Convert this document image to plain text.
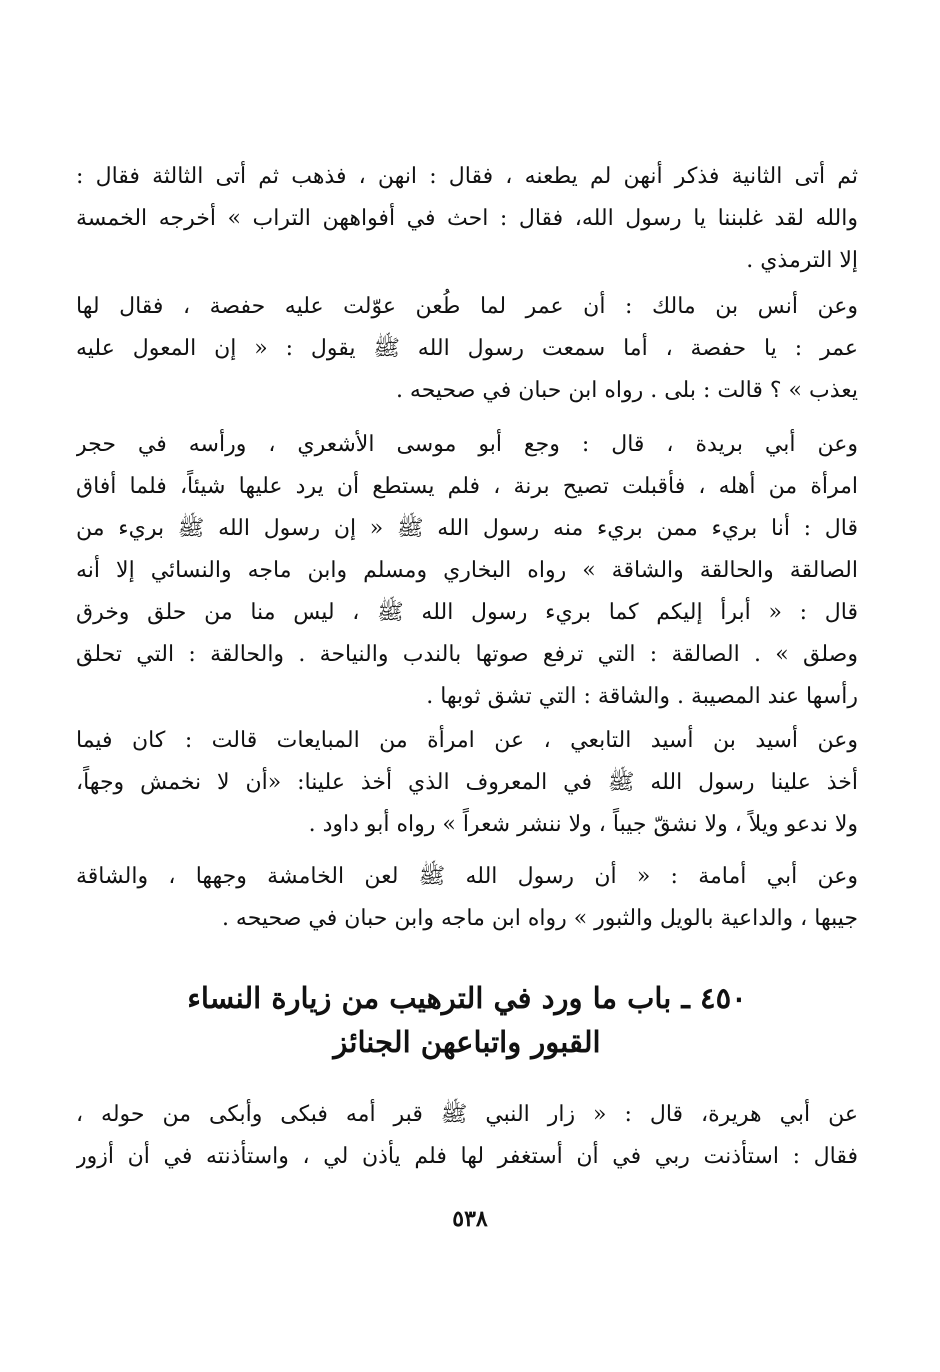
ثم أتى الثانية فذكر أنهن لم يطعنه ، فقال : انهن ، فذهب ثم أتى الثالثة فقال :
والله لقد غلبننا يا رسول الله، فقال : احث في أفواههن التراب » أخرجه الخمسة
إلا الترمذي .
وعن أنس بن مالك : أن عمر لما طُعن عوّلت عليه حفصة ، فقال لها
عمر : يا حفصة ، أما سمعت رسول الله ﷺ يقول : « إن المعول عليه
يعذب » ؟ قالت : بلى . رواه ابن حبان في صحيحه .
وعن أبي بريدة ، قال : وجع أبو موسى الأشعري ، ورأسه في حجر
امرأة من أهله ، فأقبلت تصيح برنة ، فلم يستطع أن يرد عليها شيئاً، فلما أفاق
قال : أنا بريء ممن بريء منه رسول الله ﷺ « إن رسول الله ﷺ بريء من
الصالقة والحالقة والشاقة » رواه البخاري ومسلم وابن ماجه والنسائي إلا أنه
قال : « أبرأ إليكم كما بريء رسول الله ﷺ ، ليس منا من حلق وخرق
وصلق » . الصالقة : التي ترفع صوتها بالندب والنياحة . والحالقة : التي تحلق
رأسها عند المصيبة . والشاقة : التي تشق ثوبها .
وعن أسيد بن أسيد التابعي ، عن امرأة من المبايعات قالت : كان فيما
أخذ علينا رسول الله ﷺ في المعروف الذي أخذ علينا: «أن لا نخمش وجهاً،
ولا ندعو ويلاً ، ولا نشقّ جيباً ، ولا ننشر شعراً » رواه أبو داود .
وعن أبي أمامة : « أن رسول الله ﷺ لعن الخامشة وجهها ، والشاقة
جيبها ، والداعية بالويل والثبور » رواه ابن ماجه وابن حبان في صحيحه .
٤٥٠ ـ باب ما ورد في الترهيب من زيارة النساء
القبور واتباعهن الجنائز
عن أبي هريرة، قال : « زار النبي ﷺ قبر أمه فبكى وأبكى من حوله ،
فقال : استأذنت ربي في أن أستغفر لها فلم يأذن لي ، واستأذنته في أن أزور
٥٣٨
